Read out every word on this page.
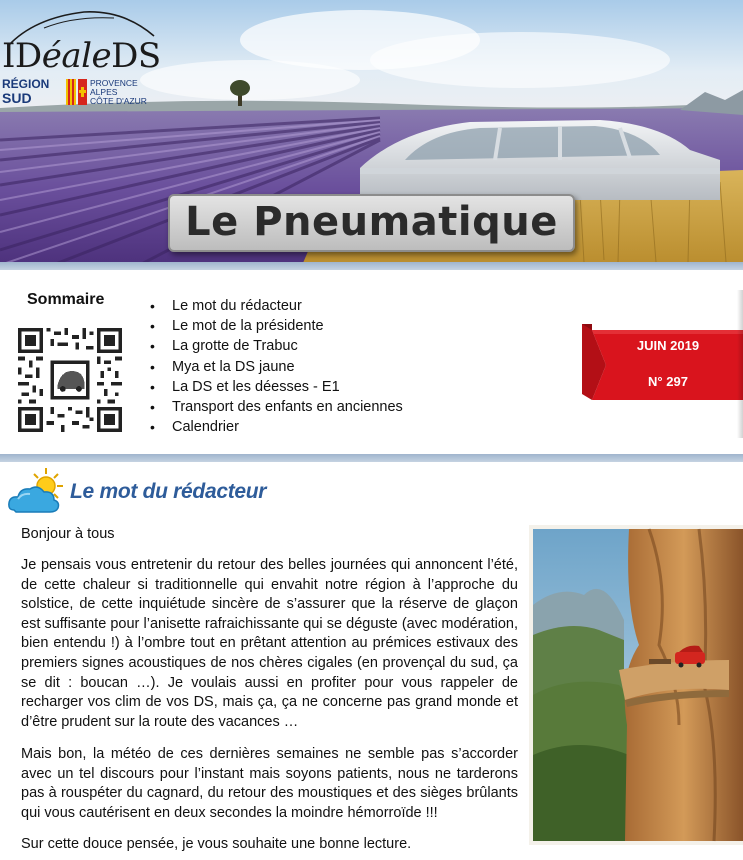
IDéaleDS
RÉGION
SUD
PROVENCE
ALPES
CÔTE D'AZUR
Le Pneumatique
Sommaire
•	Le mot du rédacteur
• Le mot de la présidente
• La grotte de Trabuc
• Mya et la DS jaune
• La DS et les déesses - E1
• Transport des enfants en anciennes
• Calendrier
JUIN 2019
N° 297
Le mot du rédacteur
Bonjour à tous

Je pensais vous entretenir du retour des belles journées qui annoncent l’été, de cette chaleur si traditionnelle qui envahit notre région à l’approche du solstice, de cette inquiétude sincère de s’assurer que la réserve de glaçon est suffisante pour l’anisette rafraichissante qui se déguste (avec modération, bien entendu !) à l’ombre tout en prêtant attention au prémices estivaux des premiers signes acoustiques de nos chères cigales (en provençal du sud, ça se dit : boucan …). Je voulais aussi en profiter pour vous rappeler de recharger vos clim de vos DS, mais ça, ça ne concerne pas grand monde et d’être prudent sur la route des vacances …

Mais bon, la météo de ces dernières semaines ne semble pas s’accorder avec un tel discours pour l’instant mais soyons patients, nous ne tarderons pas à rouspéter du cagnard, du retour des moustiques et des sièges brûlants qui vous cautérisent en deux secondes la moindre hémorroïde !!!

Sur cette douce pensée, je vous souhaite une bonne lecture.
